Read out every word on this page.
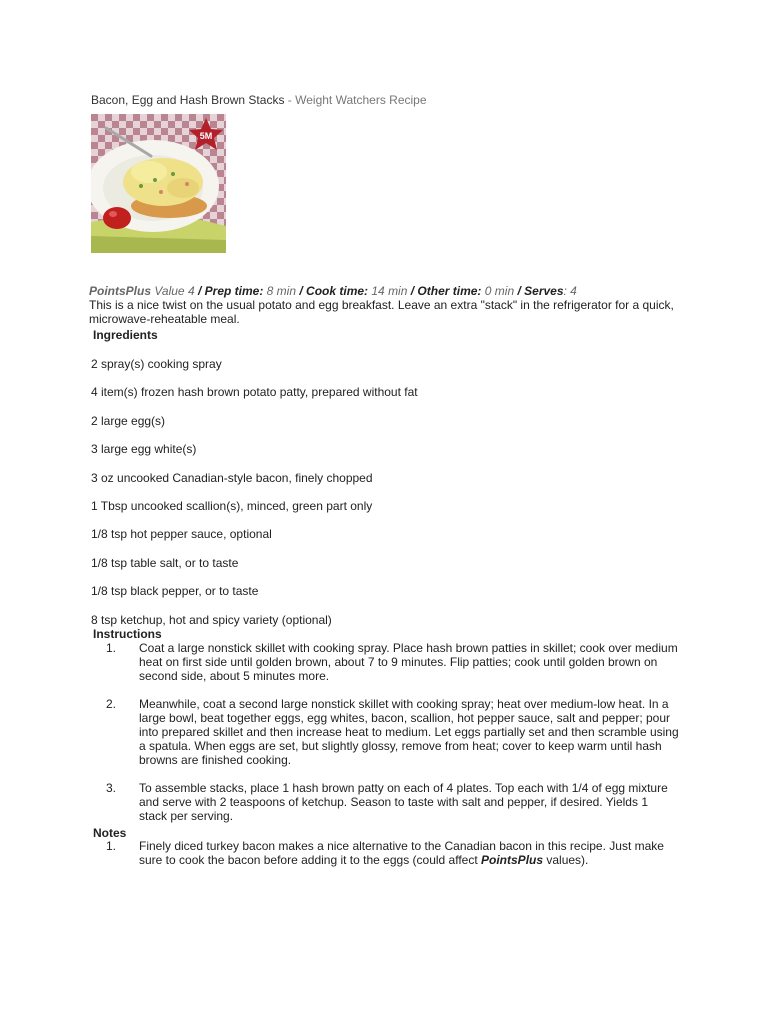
Bacon, Egg and Hash Brown Stacks - Weight Watchers Recipe
5M
PointsPlus Value 4 / Prep time: 8 min / Cook time: 14 min / Other time: 0 min / Serves: 4
This is a nice twist on the usual potato and egg breakfast. Leave an extra "stack" in the refrigerator for a quick, microwave-reheatable meal.
Ingredients
2 spray(s) cooking spray
4 item(s) frozen hash brown potato patty, prepared without fat
2 large egg(s)
3 large egg white(s)
3 oz uncooked Canadian-style bacon, finely chopped
1 Tbsp uncooked scallion(s), minced, green part only
1/8 tsp hot pepper sauce, optional
1/8 tsp table salt, or to taste
1/8 tsp black pepper, or to taste
8 tsp ketchup, hot and spicy variety (optional)
Instructions
1. Coat a large nonstick skillet with cooking spray. Place hash brown patties in skillet; cook over medium heat on first side until golden brown, about 7 to 9 minutes. Flip patties; cook until golden brown on second side, about 5 minutes more.
2. Meanwhile, coat a second large nonstick skillet with cooking spray; heat over medium-low heat. In a large bowl, beat together eggs, egg whites, bacon, scallion, hot pepper sauce, salt and pepper; pour into prepared skillet and then increase heat to medium. Let eggs partially set and then scramble using a spatula. When eggs are set, but slightly glossy, remove from heat; cover to keep warm until hash browns are finished cooking.
3. To assemble stacks, place 1 hash brown patty on each of 4 plates. Top each with 1/4 of egg mixture and serve with 2 teaspoons of ketchup. Season to taste with salt and pepper, if desired. Yields 1 stack per serving.
Notes
1. Finely diced turkey bacon makes a nice alternative to the Canadian bacon in this recipe. Just make sure to cook the bacon before adding it to the eggs (could affect PointsPlus values).
